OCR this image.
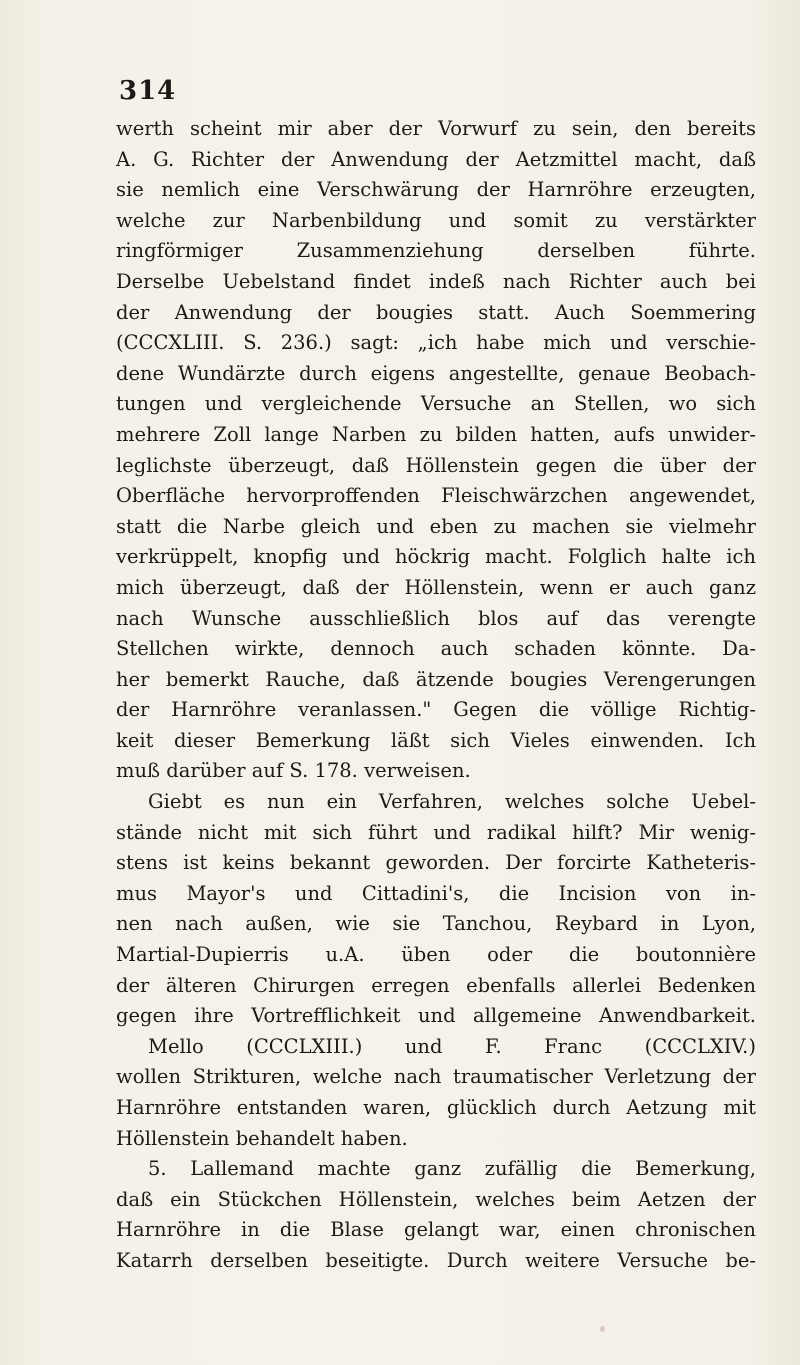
314

werth scheint mir aber der Vorwurf zu sein, den bereits
A. G. Richter der Anwendung der Aetzmittel macht, daß
sie nemlich eine Verschwärung der Harnröhre erzeugten,
welche zur Narbenbildung und somit zu verstärkter
ringförmiger Zusammenziehung derselben führte.
Derselbe Uebelstand findet indeß nach Richter auch bei
der Anwendung der bougies statt. Auch Soemmering
(CCCXLIII. S. 236.) sagt: „ich habe mich und verschie-
dene Wundärzte durch eigens angestellte, genaue Beobach-
tungen und vergleichende Versuche an Stellen, wo sich
mehrere Zoll lange Narben zu bilden hatten, aufs unwider-
leglichste überzeugt, daß Höllenstein gegen die über der
Oberfläche hervorproffenden Fleischwärzchen angewendet,
statt die Narbe gleich und eben zu machen sie vielmehr
verkrüppelt, knopfig und höckrig macht. Folglich halte ich
mich überzeugt, daß der Höllenstein, wenn er auch ganz
nach Wunsche ausschließlich blos auf das verengte
Stellchen wirkte, dennoch auch schaden könnte. Da-
her bemerkt Rauche, daß ätzende bougies Verengerungen
der Harnröhre veranlassen." Gegen die völlige Richtig-
keit dieser Bemerkung läßt sich Vieles einwenden. Ich
muß darüber auf S. 178. verweisen.
Giebt es nun ein Verfahren, welches solche Uebel-
stände nicht mit sich führt und radikal hilft? Mir wenig-
stens ist keins bekannt geworden. Der forcirte Katheteris-
mus Mayor's und Cittadini's, die Incision von in-
nen nach außen, wie sie Tanchou, Reybard in Lyon,
Martial-Dupierris u.A. üben oder die boutonnière
der älteren Chirurgen erregen ebenfalls allerlei Bedenken
gegen ihre Vortrefflichkeit und allgemeine Anwendbarkeit.
Mello (CCCLXIII.) und F. Franc (CCCLXIV.)
wollen Strikturen, welche nach traumatischer Verletzung der
Harnröhre entstanden waren, glücklich durch Aetzung mit
Höllenstein behandelt haben.
5. Lallemand machte ganz zufällig die Bemerkung,
daß ein Stückchen Höllenstein, welches beim Aetzen der
Harnröhre in die Blase gelangt war, einen chronischen
Katarrh derselben beseitigte. Durch weitere Versuche be-
